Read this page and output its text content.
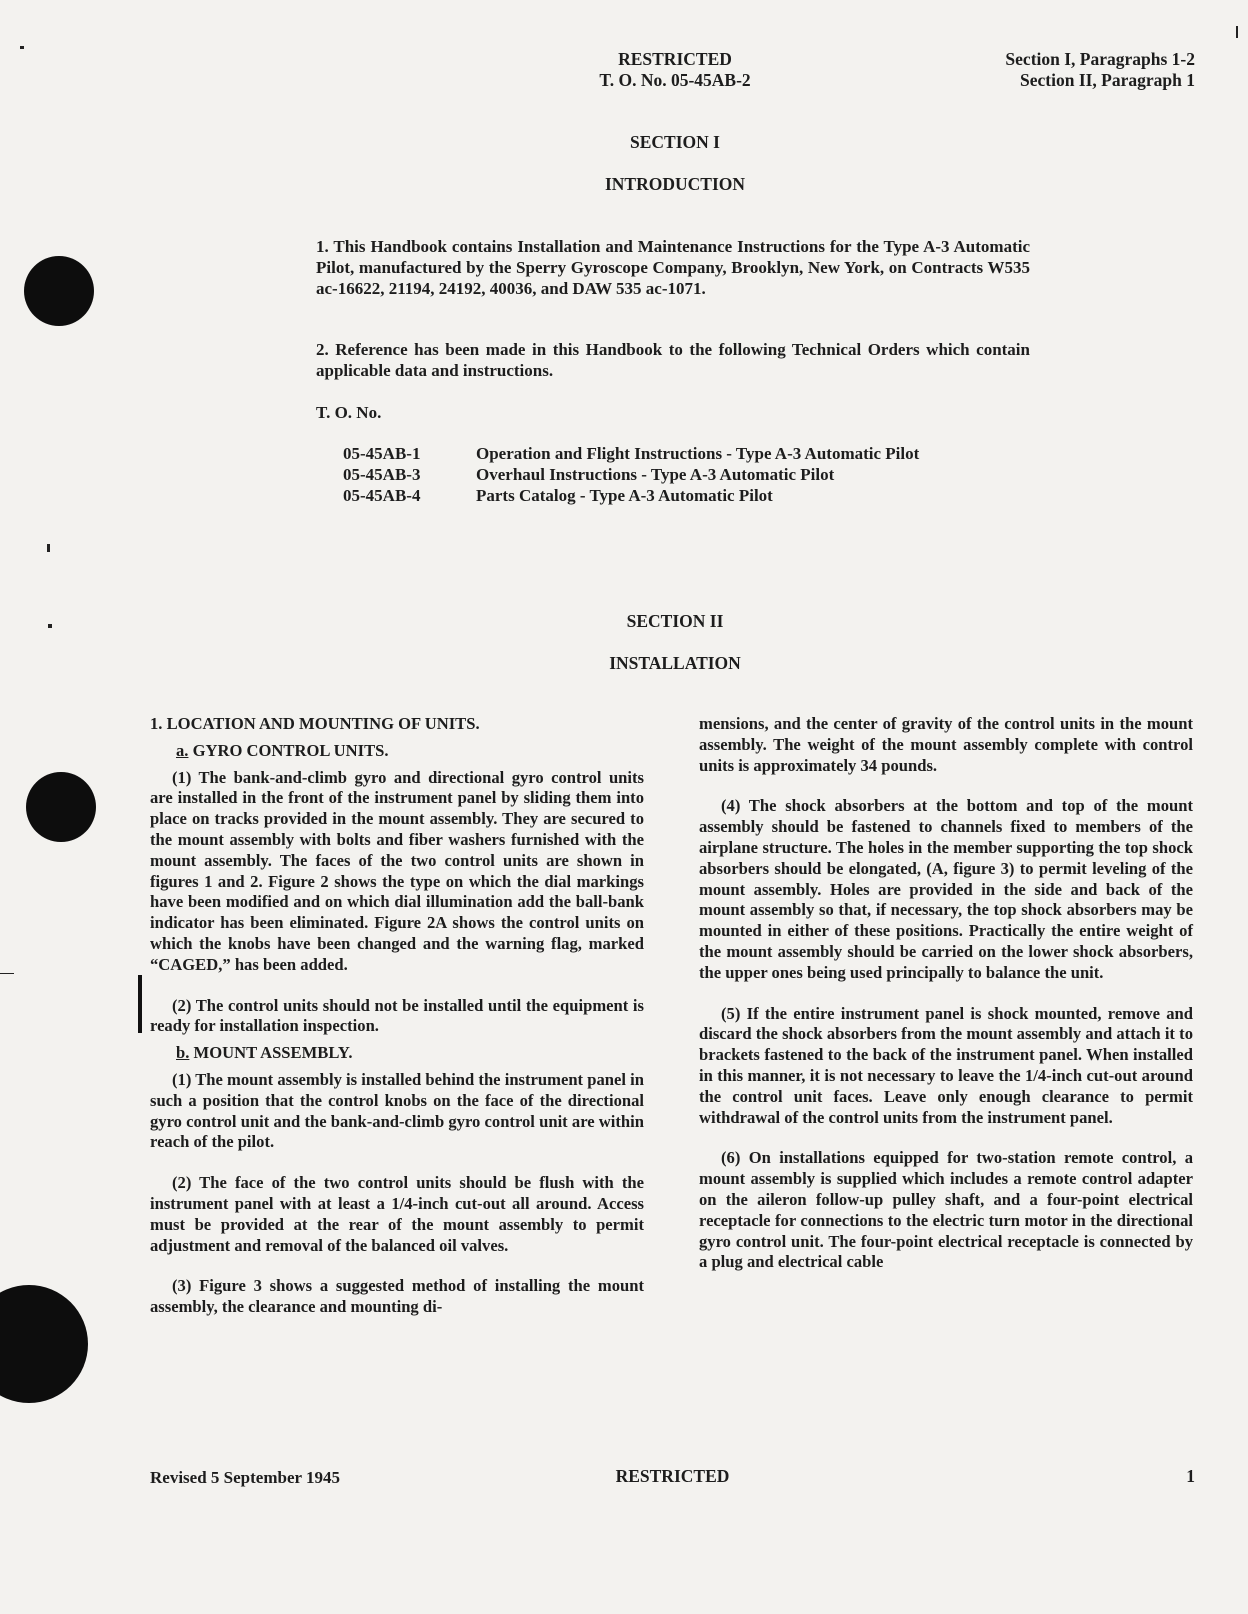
RESTRICTED
T. O. No. 05-45AB-2
Section I, Paragraphs 1-2
Section II, Paragraph 1
SECTION I
INTRODUCTION

1. This Handbook contains Installation and Maintenance Instructions for the Type A-3 Automatic Pilot, manufactured by the Sperry Gyroscope Company, Brooklyn, New York, on Contracts W535 ac-16622, 21194, 24192, 40036, and DAW 535 ac-1071.

2. Reference has been made in this Handbook to the following Technical Orders which contain applicable data and instructions.

T. O. No.
05-45AB-1	Operation and Flight Instructions - Type A-3 Automatic Pilot
05-45AB-3	Overhaul Instructions - Type A-3 Automatic Pilot
05-45AB-4	Parts Catalog - Type A-3 Automatic Pilot
SECTION II
INSTALLATION
1. LOCATION AND MOUNTING OF UNITS.
a. GYRO CONTROL UNITS.

(1) The bank-and-climb gyro and directional gyro control units are installed in the front of the instrument panel by sliding them into place on tracks provided in the mount assembly. They are secured to the mount assembly with bolts and fiber washers furnished with the mount assembly. The faces of the two control units are shown in figures 1 and 2. Figure 2 shows the type on which the dial markings have been modified and on which dial illumination add the ball-bank indicator has been eliminated. Figure 2A shows the control units on which the knobs have been changed and the warning flag, marked “CAGED,” has been added.

(2) The control units should not be installed until the equipment is ready for installation inspection.

b. MOUNT ASSEMBLY.

(1) The mount assembly is installed behind the instrument panel in such a position that the control knobs on the face of the directional gyro control unit and the bank-and-climb gyro control unit are within reach of the pilot.

(2) The face of the two control units should be flush with the instrument panel with at least a 1/4-inch cut-out all around. Access must be provided at the rear of the mount assembly to permit adjustment and removal of the balanced oil valves.

(3) Figure 3 shows a suggested method of installing the mount assembly, the clearance and mounting di-

mensions, and the center of gravity of the control units in the mount assembly. The weight of the mount assembly complete with control units is approximately 34 pounds.

(4) The shock absorbers at the bottom and top of the mount assembly should be fastened to channels fixed to members of the airplane structure. The holes in the member supporting the top shock absorbers should be elongated, (A, figure 3) to permit leveling of the mount assembly. Holes are provided in the side and back of the mount assembly so that, if necessary, the top shock absorbers may be mounted in either of these positions. Practically the entire weight of the mount assembly should be carried on the lower shock absorbers, the upper ones being used principally to balance the unit.

(5) If the entire instrument panel is shock mounted, remove and discard the shock absorbers from the mount assembly and attach it to brackets fastened to the back of the instrument panel. When installed in this manner, it is not necessary to leave the 1/4-inch cut-out around the control unit faces. Leave only enough clearance to permit withdrawal of the control units from the instrument panel.

(6) On installations equipped for two-station remote control, a mount assembly is supplied which includes a remote control adapter on the aileron follow-up pulley shaft, and a four-point electrical receptacle for connections to the electric turn motor in the directional gyro control unit. The four-point electrical receptacle is connected by a plug and electrical cable

Revised 5 September 1945	RESTRICTED	1
